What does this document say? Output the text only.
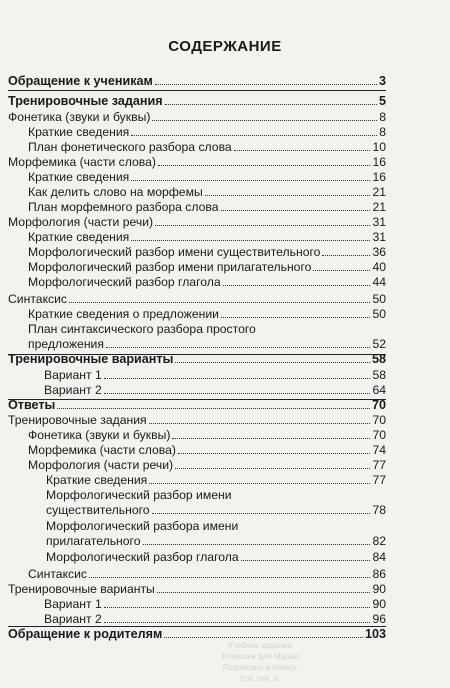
СОДЕРЖАНИЕ
Обращение к ученикам	3
Тренировочные задания	5
Фонетика (звуки и буквы)	8
Краткие сведения	8
План фонетического разбора слова	10
Морфемика (части слова)	16
Краткие сведения	16
Как делить слово на морфемы	21
План морфемного разбора слова	21
Морфология (части речи)	31
Краткие сведения	31
Морфологический разбор имени существительного	36
Морфологический разбор имени прилагательного	40
Морфологический разбор глагола	44
Синтаксис	50
Краткие сведения о предложении	50
План синтаксического разбора простого
предложения	52
Тренировочные варианты	58
Вариант 1	58
Вариант 2	64
Ответы	70
Тренировочные задания	70
Фонетика (звуки и буквы)	70
Морфемика (части слова)	74
Морфология (части речи)	77
Краткие сведения	77
Морфологический разбор имени
существительного	78
Морфологический разбора имени
прилагательного	82
Морфологический разбор глагола	84
Синтаксис	86
Тренировочные варианты	90
Вариант 1	90
Вариант 2	96
Обращение к родителям	103
Учебное издание
Ромашка для Марьи
Подписано в печать
Усл. печ. л.
